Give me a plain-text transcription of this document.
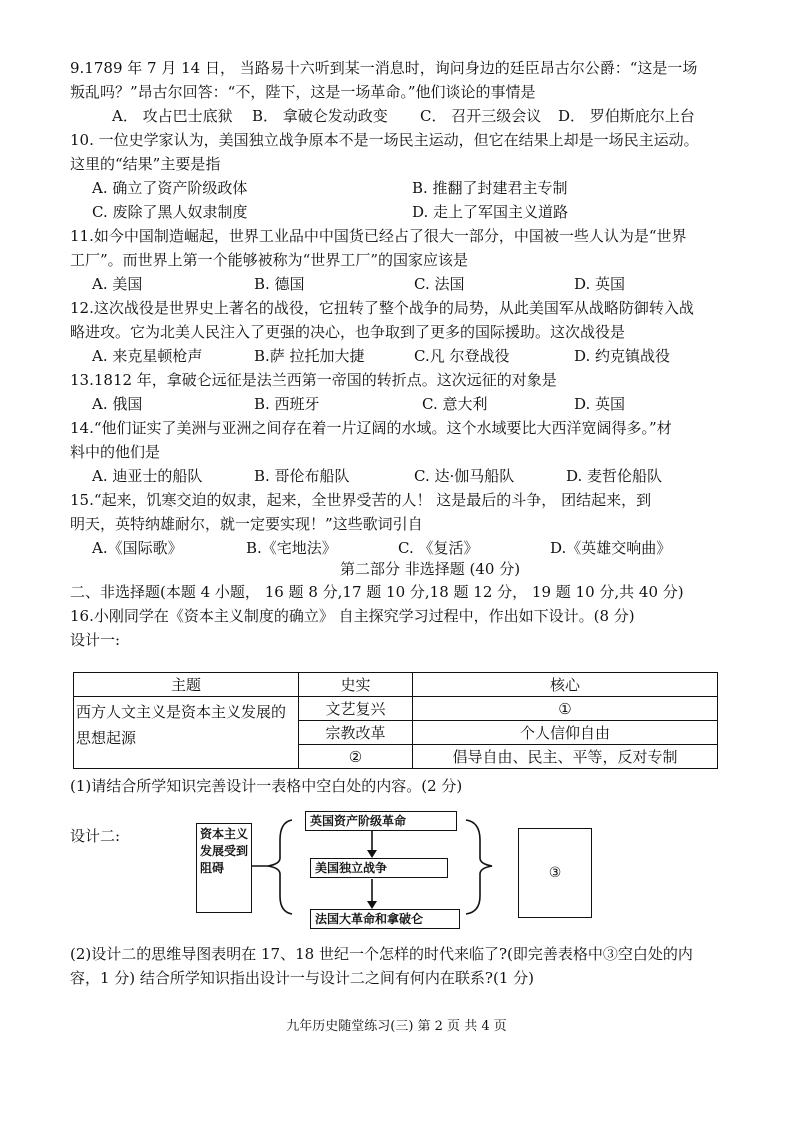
9.1789 年 7 月 14 日， 当路易十六听到某一消息时，询问身边的廷臣昂古尔公爵：“这是一场
叛乱吗？”昂古尔回答：“不，陛下，这是一场革命。”他们谈论的事情是
A． 攻占巴士底狱 B． 拿破仑发动政变 C． 召开三级会议 D． 罗伯斯庇尔上台
10. 一位史学家认为，美国独立战争原本不是一场民主运动，但它在结果上却是一场民主运动。
这里的“结果”主要是指
A. 确立了资产阶级政体	B. 推翻了封建君主专制
C. 废除了黑人奴隶制度	D. 走上了军国主义道路
11.如今中国制造崛起，世界工业品中中国货已经占了很大一部分，中国被一些人认为是“世界
工厂”。而世界上第一个能够被称为“世界工厂”的国家应该是
A. 美国	B. 德国	C. 法国	D. 英国
12.这次战役是世界史上著名的战役，它扭转了整个战争的局势，从此美国军从战略防御转入战
略进攻。它为北美人民注入了更强的决心，也争取到了更多的国际援助。这次战役是
A. 来克星顿枪声	B.萨 拉托加大捷	C.凡 尔登战役	D. 约克镇战役
13.1812 年，拿破仑远征是法兰西第一帝国的转折点。这次远征的对象是
A. 俄国	B. 西班牙	C. 意大利	D. 英国
14.“他们证实了美洲与亚洲之间存在着一片辽阔的水域。这个水域要比大西洋宽阔得多。”材
料中的他们是
A. 迪亚士的船队	B. 哥伦布船队	C. 达·伽马船队	D. 麦哲伦船队
15.“起来，饥寒交迫的奴隶，起来，全世界受苦的人！ 这是最后的斗争， 团结起来，到
明天，英特纳雄耐尔，就一定要实现！”这些歌词引自
A.《国际歌》	B.《宅地法》	C. 《复活》	D.《英雄交响曲》
第二部分 非选择题 (40 分)
二、非选择题(本题 4 小题， 16 题 8 分,17 题 10 分,18 题 12 分， 19 题 10 分,共 40 分)
16.小刚同学在《资本主义制度的确立》 自主探究学习过程中，作出如下设计。(8 分)
设计一:
主题	史实	核心
西方人文主义是资本主义发展的思想起源	文艺复兴	①
	宗教改革	个人信仰自由
	②	倡导自由、民主、平等，反对专制
(1)请结合所学知识完善设计一表格中空白处的内容。(2 分)
设计二:	资本主义发展受到阻碍
英国资产阶级革命
美国独立战争
法国大革命和拿破仑
③
(2)设计二的思维导图表明在 17、18 世纪一个怎样的时代来临了?(即完善表格中③空白处的内
容，1 分) 结合所学知识指出设计一与设计二之间有何内在联系?(1 分)
九年历史随堂练习(三) 第 2 页 共 4 页
